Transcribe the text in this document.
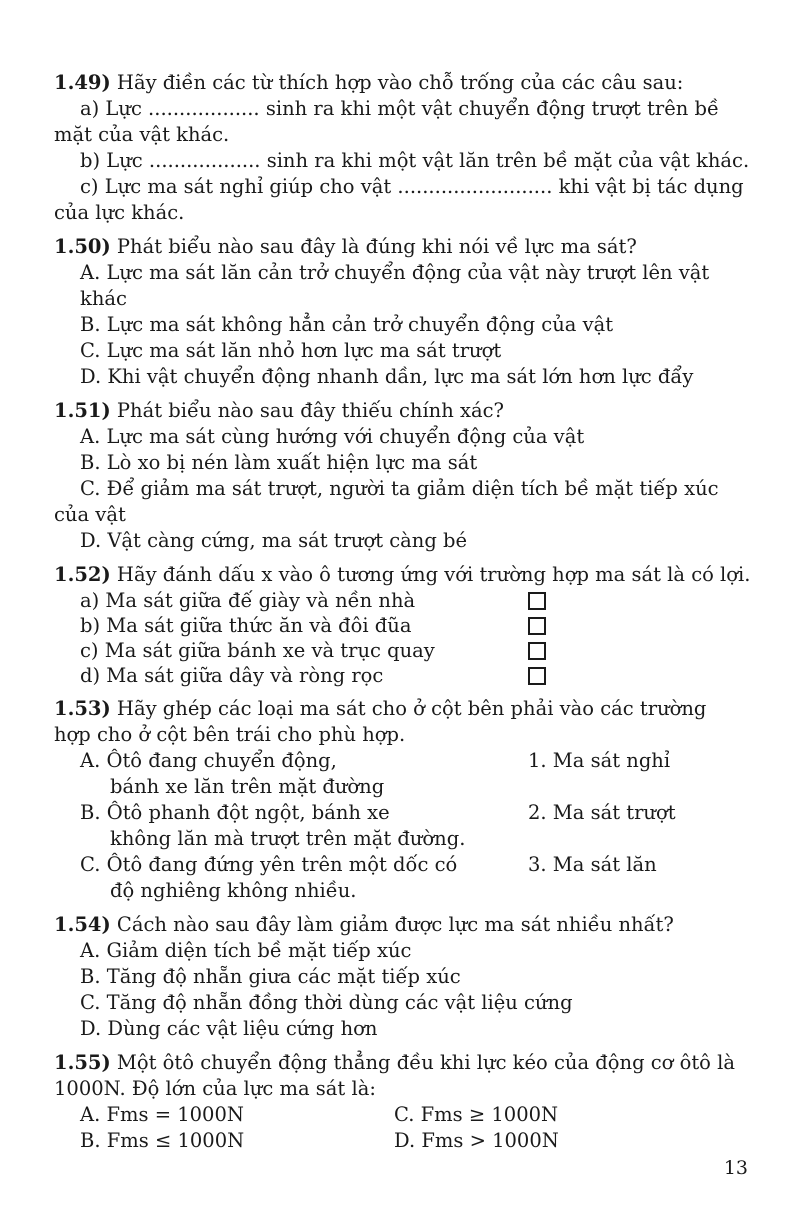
1.49) Hãy điền các từ thích hợp vào chỗ trống của các câu sau:
a) Lực .................. sinh ra khi một vật chuyển động trượt trên bề
mặt của vật khác.
b) Lực .................. sinh ra khi một vật lăn trên bề mặt của vật khác.
c) Lực ma sát nghỉ giúp cho vật ......................... khi vật bị tác dụng
của lực khác.
1.50) Phát biểu nào sau đây là đúng khi nói về lực ma sát?
A. Lực ma sát lăn cản trở chuyển động của vật này trượt lên vật khác
B. Lực ma sát không hẳn cản trở chuyển động của vật
C. Lực ma sát lăn nhỏ hơn lực ma sát trượt
D. Khi vật chuyển động nhanh dần, lực ma sát lớn hơn lực đẩy
1.51) Phát biểu nào sau đây thiếu chính xác?
A. Lực ma sát cùng hướng với chuyển động của vật
B. Lò xo bị nén làm xuất hiện lực ma sát
C. Để giảm ma sát trượt, người ta giảm diện tích bề mặt tiếp xúc
của vật
D. Vật càng cứng, ma sát trượt càng bé
1.52) Hãy đánh dấu x vào ô tương ứng với trường hợp ma sát là có lợi.
a) Ma sát giữa đế giày và nền nhà
b) Ma sát giữa thức ăn và đôi đũa
c) Ma sát giữa bánh xe và trục quay
d) Ma sát giữa dây và ròng rọc
1.53) Hãy ghép các loại ma sát cho ở cột bên phải vào các trường
hợp cho ở cột bên trái cho phù hợp.
A. Ôtô đang chuyển động,
bánh xe lăn trên mặt đường
1. Ma sát nghỉ
B. Ôtô phanh đột ngột, bánh xe
không lăn mà trượt trên mặt đường.
2. Ma sát trượt
C. Ôtô đang đứng yên trên một dốc có
độ nghiêng không nhiều.
3. Ma sát lăn
1.54) Cách nào sau đây làm giảm được lực ma sát nhiều nhất?
A. Giảm diện tích bề mặt tiếp xúc
B. Tăng độ nhẵn giưa các mặt tiếp xúc
C. Tăng độ nhẵn đồng thời dùng các vật liệu cứng
D. Dùng các vật liệu cứng hơn
1.55) Một ôtô chuyển động thẳng đều khi lực kéo của động cơ ôtô là
1000N. Độ lớn của lực ma sát là:
A. Fms = 1000N	C. Fms ≥ 1000N
B. Fms ≤ 1000N	D. Fms > 1000N
13
